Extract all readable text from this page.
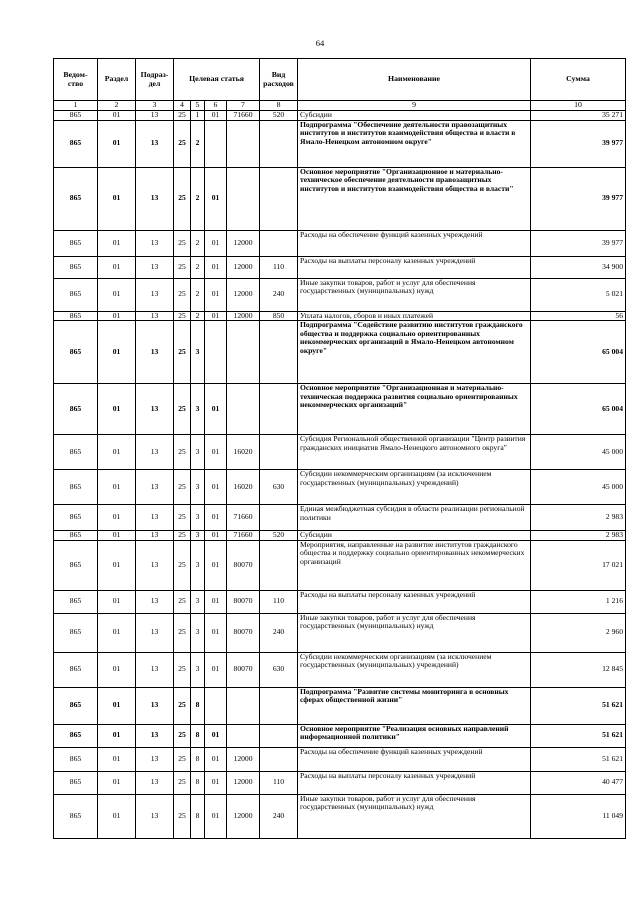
64
Ведом-ство	Раздел	Подраз-дел	Целевая статья				Вид расходов	Наименование	Сумма
1	2	3	4	5	6	7	8	9	10
865	01	13	25	1	01	71660	520	Субсидии	35 271
865	01	13	25	2				Подпрограмма "Обеспечение деятельности правозащитных институтов и институтов взаимодействия общества и власти в Ямало-Ненецком автономном округе"	39 977
865	01	13	25	2	01			Основное мероприятие "Организационное и материально-техническое обеспечение деятельности правозащитных институтов и институтов взаимодействия общества и власти"	39 977
865	01	13	25	2	01	12000		Расходы на обеспечение функций казенных учреждений	39 977
865	01	13	25	2	01	12000	110	Расходы на выплаты персоналу казенных учреждений	34 900
865	01	13	25	2	01	12000	240	Иные закупки товаров, работ и услуг для обеспечения государственных (муниципальных) нужд	5 021
865	01	13	25	2	01	12000	850	Уплата налогов, сборов и иных платежей	56
865	01	13	25	3				Подпрограмма "Содействие развитию институтов гражданского общества и поддержка социально ориентированных некоммерческих организаций в Ямало-Ненецком автономном округе"	65 004
865	01	13	25	3	01			Основное мероприятие "Организационная и материально-техническая поддержка развития социально ориентированных некоммерческих организаций"	65 004
865	01	13	25	3	01	16020		Субсидия Региональной общественной организации "Центр развития гражданских инициатив Ямало-Ненецкого автономного округа"	45 000
865	01	13	25	3	01	16020	630	Субсидии некоммерческим организациям (за исключением государственных (муниципальных) учреждений)	45 000
865	01	13	25	3	01	71660		Единая межбюджетная субсидия в области реализации региональной политики	2 983
865	01	13	25	3	01	71660	520	Субсидии	2 983
865	01	13	25	3	01	80070		Мероприятия, направленные на развитие институтов гражданского общества и поддержку социально ориентированных некоммерческих организаций	17 021
865	01	13	25	3	01	80070	110	Расходы на выплаты персоналу казенных учреждений	1 216
865	01	13	25	3	01	80070	240	Иные закупки товаров, работ и услуг для обеспечения государственных (муниципальных) нужд	2 960
865	01	13	25	3	01	80070	630	Субсидии некоммерческим организациям (за исключением государственных (муниципальных) учреждений)	12 845
865	01	13	25	8				Подпрограмма "Развитие системы мониторинга в основных сферах общественной жизни"	51 621
865	01	13	25	8	01			Основное мероприятие "Реализация основных направлений информационной политики"	51 621
865	01	13	25	8	01	12000		Расходы на обеспечение функций казенных учреждений	51 621
865	01	13	25	8	01	12000	110	Расходы на выплаты персоналу казенных учреждений	40 477
865	01	13	25	8	01	12000	240	Иные закупки товаров, работ и услуг для обеспечения государственных (муниципальных) нужд	11 049
